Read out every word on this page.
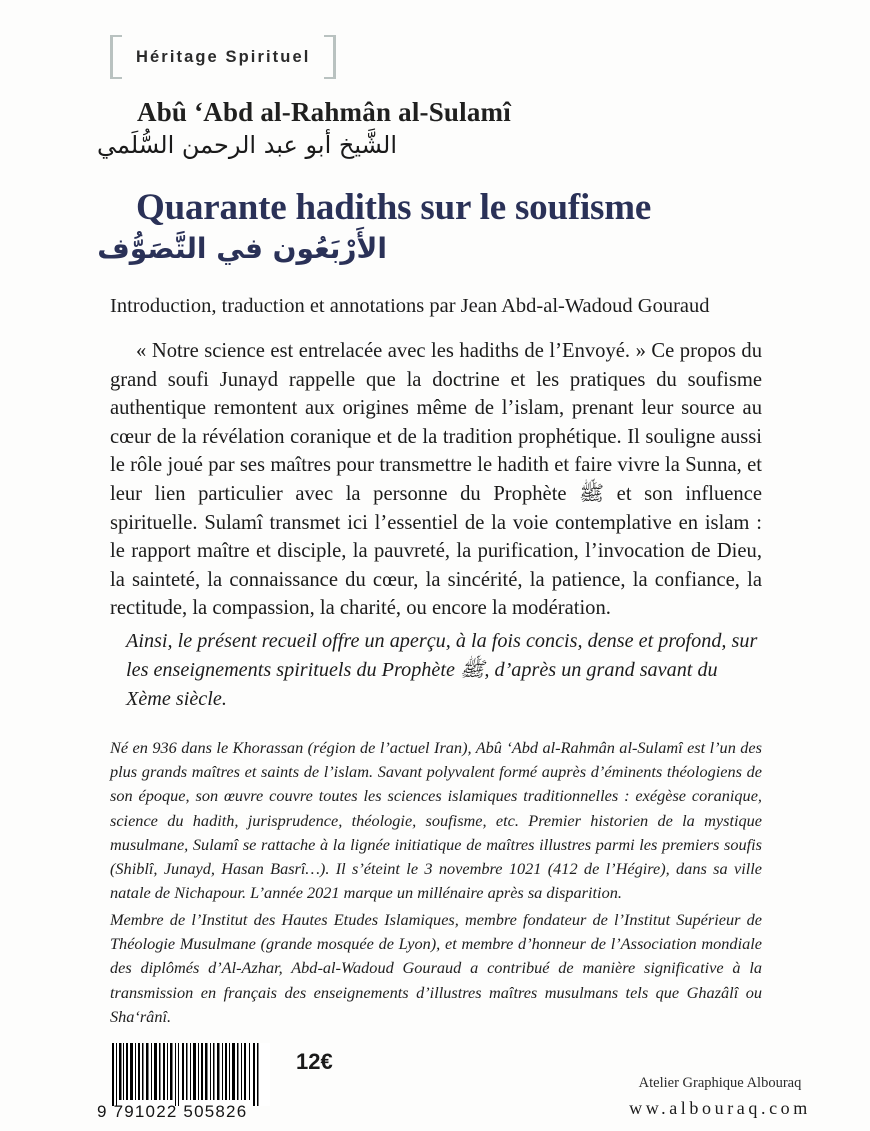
Héritage Spirituel
Abû ‘Abd al-Rahmân al-Sulamî
الشَّيخ أبو عبد الرحمن السُّلَمي
Quarante hadiths sur le soufisme
الأَرْبَعُون في التَّصَوُّف
Introduction, traduction et annotations par Jean Abd-al-Wadoud Gouraud

« Notre science est entrelacée avec les hadiths de l’Envoyé. » Ce propos du grand soufi Junayd rappelle que la doctrine et les pratiques du soufisme authentique remontent aux origines même de l’islam, prenant leur source au cœur de la révélation coranique et de la tradition prophétique. Il souligne aussi le rôle joué par ses maîtres pour transmettre le hadith et faire vivre la Sunna, et leur lien particulier avec la personne du Prophète ﷺ et son influence spirituelle. Sulamî transmet ici l’essentiel de la voie contemplative en islam : le rapport maître et disciple, la pauvreté, la purification, l’invocation de Dieu, la sainteté, la connaissance du cœur, la sincérité, la patience, la confiance, la rectitude, la compassion, la charité, ou encore la modération.

Ainsi, le présent recueil offre un aperçu, à la fois concis, dense et profond, sur les enseignements spirituels du Prophète ﷺ, d’après un grand savant du Xème siècle.

Né en 936 dans le Khorassan (région de l’actuel Iran), Abû ‘Abd al-Rahmân al-Sulamî est l’un des plus grands maîtres et saints de l’islam. Savant polyvalent formé auprès d’éminents théologiens de son époque, son œuvre couvre toutes les sciences islamiques traditionnelles : exégèse coranique, science du hadith, jurisprudence, théologie, soufisme, etc. Premier historien de la mystique musulmane, Sulamî se rattache à la lignée initiatique de maîtres illustres parmi les premiers soufis (Shiblî, Junayd, Hasan Basrî…). Il s’éteint le 3 novembre 1021 (412 de l’Hégire), dans sa ville natale de Nichapour. L’année 2021 marque un millénaire après sa disparition.

Membre de l’Institut des Hautes Etudes Islamiques, membre fondateur de l’Institut Supérieur de Théologie Musulmane (grande mosquée de Lyon), et membre d’honneur de l’Association mondiale des diplômés d’Al-Azhar, Abd-al-Wadoud Gouraud a contribué de manière significative à la transmission en français des enseignements d’illustres maîtres musulmans tels que Ghazâlî ou Sha‘rânî.

9 791022 505826
12€
Atelier Graphique Albouraq
ww.albouraq.com
